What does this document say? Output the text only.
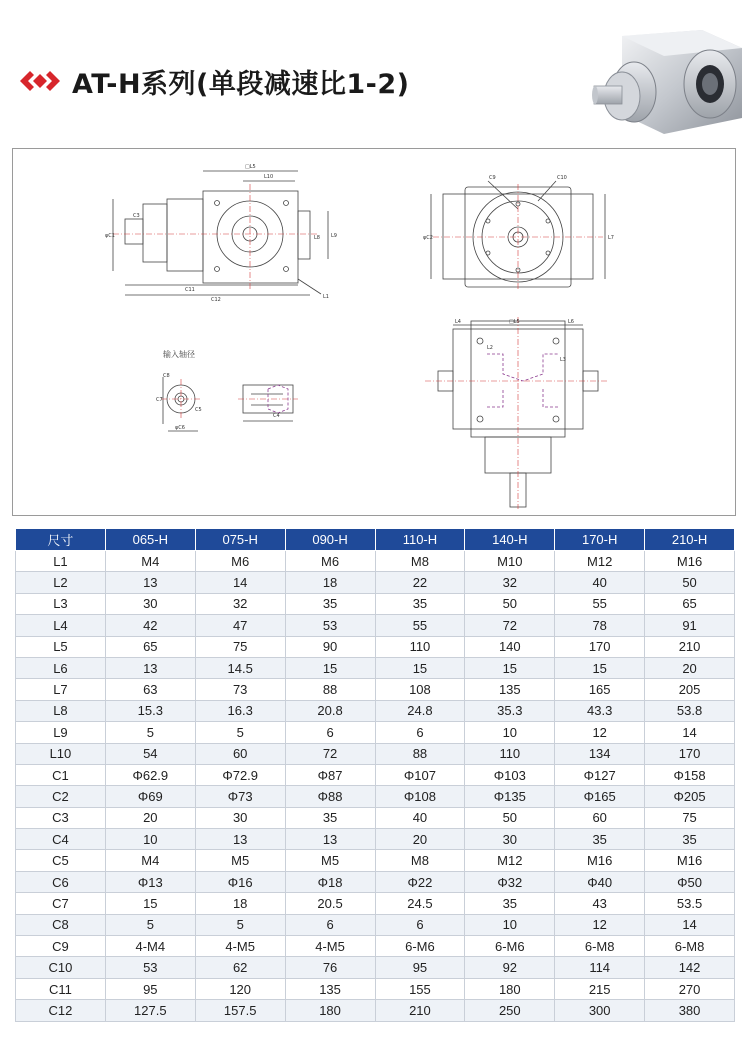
AT-H系列(单段减速比1-2)
□L5
L10
φC1
C3
C11
C12
L9
L8
L1
C9	C10
φC2	L7
L4	□L5	L6
L2
L3
C8
C7
C5
φC6
C4
输入轴径
尺寸	065-H	075-H	090-H	110-H	140-H	170-H	210-H
L1	M4	M6	M6	M8	M10	M12	M16
L2	13	14	18	22	32	40	50
L3	30	32	35	35	50	55	65
L4	42	47	53	55	72	78	91
L5	65	75	90	110	140	170	210
L6	13	14.5	15	15	15	15	20
L7	63	73	88	108	135	165	205
L8	15.3	16.3	20.8	24.8	35.3	43.3	53.8
L9	5	5	6	6	10	12	14
L10	54	60	72	88	110	134	170
C1	Φ62.9	Φ72.9	Φ87	Φ107	Φ103	Φ127	Φ158
C2	Φ69	Φ73	Φ88	Φ108	Φ135	Φ165	Φ205
C3	20	30	35	40	50	60	75
C4	10	13	13	20	30	35	35
C5	M4	M5	M5	M8	M12	M16	M16
C6	Φ13	Φ16	Φ18	Φ22	Φ32	Φ40	Φ50
C7	15	18	20.5	24.5	35	43	53.5
C8	5	5	6	6	10	12	14
C9	4-M4	4-M5	4-M5	6-M6	6-M6	6-M8	6-M8
C10	53	62	76	95	92	114	142
C11	95	120	135	155	180	215	270
C12	127.5	157.5	180	210	250	300	380
